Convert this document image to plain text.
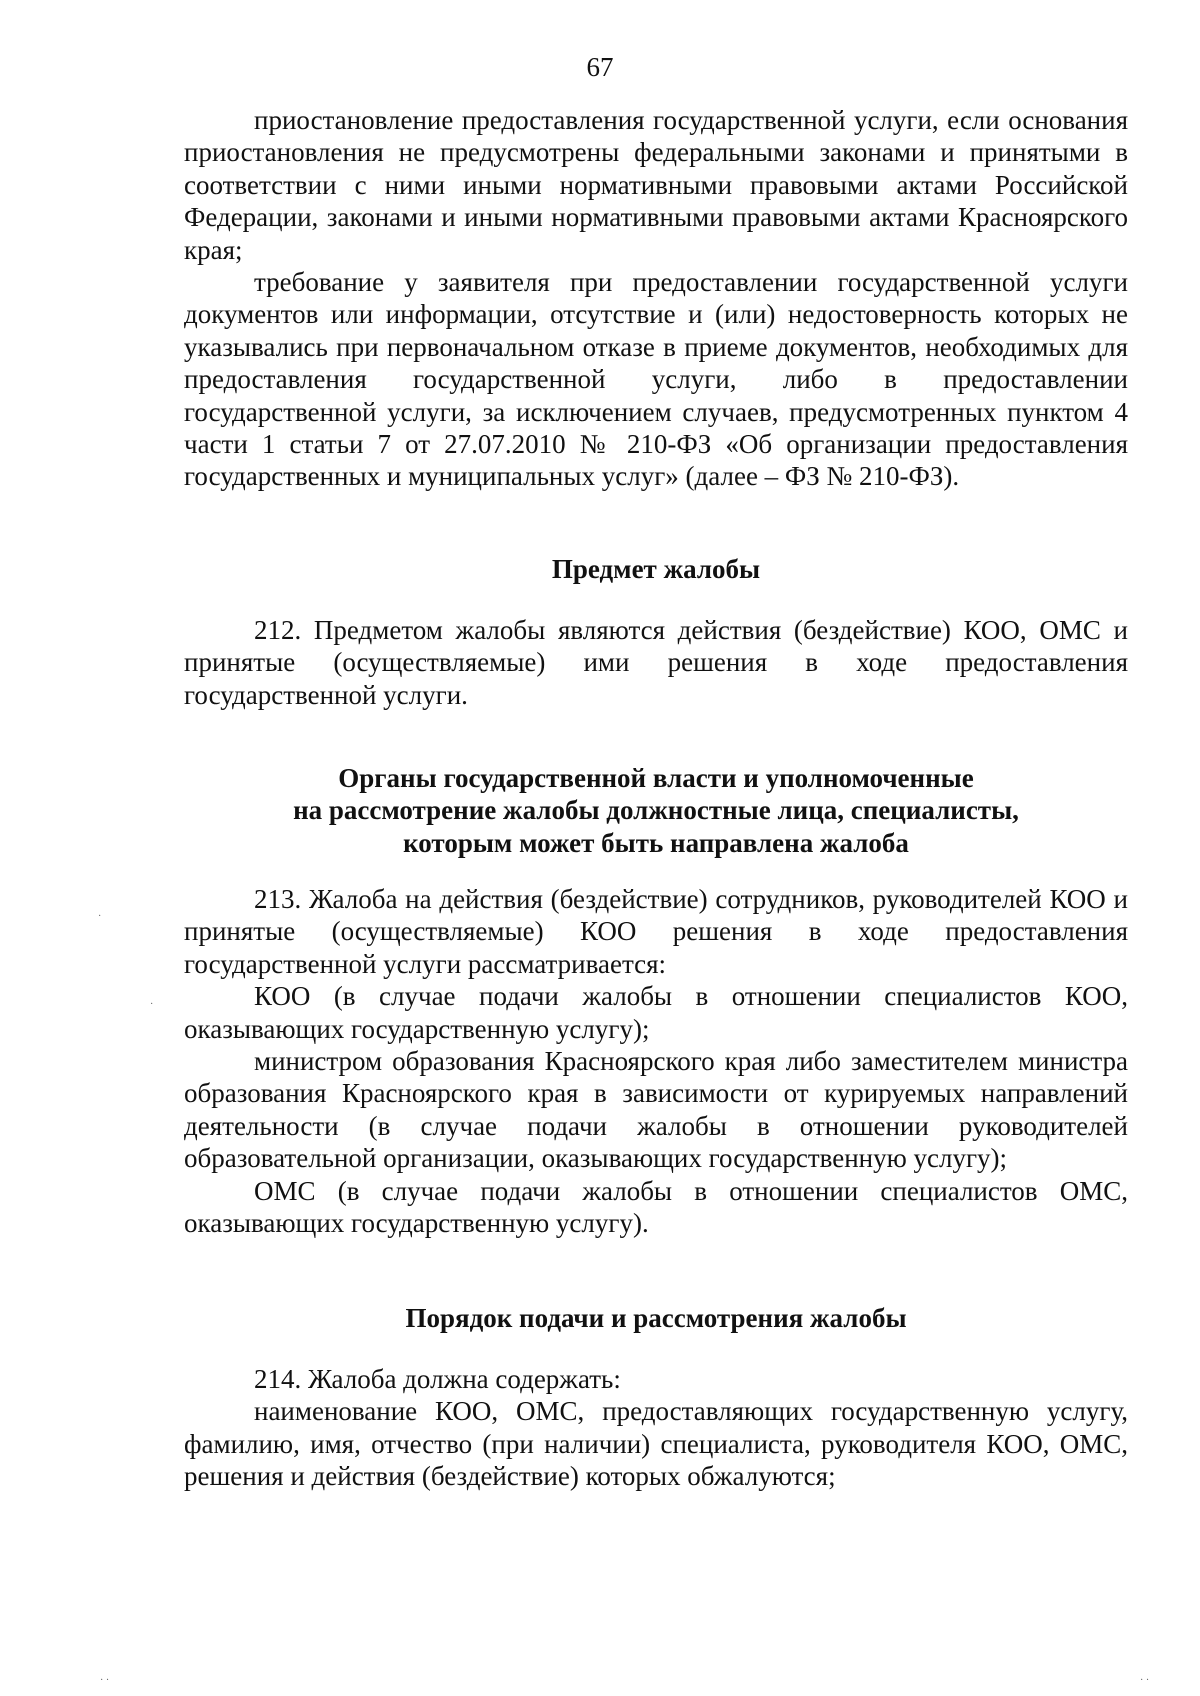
67

приостановление предоставления государственной услуги, если основания приостановления не предусмотрены федеральными законами и принятыми в соответствии с ними иными нормативными правовыми актами Российской Федерации, законами и иными нормативными правовыми актами Красноярского края;

требование у заявителя при предоставлении государственной услуги документов или информации, отсутствие и (или) недостоверность которых не указывались при первоначальном отказе в приеме документов, необходимых для предоставления государственной услуги, либо в предоставлении государственной услуги, за исключением случаев, предусмотренных пунктом 4 части 1 статьи 7 от 27.07.2010 № 210-ФЗ «Об организации предоставления государственных и муниципальных услуг» (далее – ФЗ № 210-ФЗ).

Предмет жалобы

212. Предметом жалобы являются действия (бездействие) КОО, ОМС и принятые (осуществляемые) ими решения в ходе предоставления государственной услуги.

Органы государственной власти и уполномоченные
на рассмотрение жалобы должностные лица, специалисты,
которым может быть направлена жалоба

213. Жалоба на действия (бездействие) сотрудников, руководителей КОО и принятые (осуществляемые) КОО решения в ходе предоставления государственной услуги рассматривается:

КОО (в случае подачи жалобы в отношении специалистов КОО, оказывающих государственную услугу);

министром образования Красноярского края либо заместителем министра образования Красноярского края в зависимости от курируемых направлений деятельности (в случае подачи жалобы в отношении руководителей образовательной организации, оказывающих государственную услугу);

ОМС (в случае подачи жалобы в отношении специалистов ОМС, оказывающих государственную услугу).

Порядок подачи и рассмотрения жалобы

214. Жалоба должна содержать:

наименование КОО, ОМС, предоставляющих государственную услугу, фамилию, имя, отчество (при наличии) специалиста, руководителя КОО, ОМС, решения и действия (бездействие) которых обжалуются;

·
·
· ·	· ·
